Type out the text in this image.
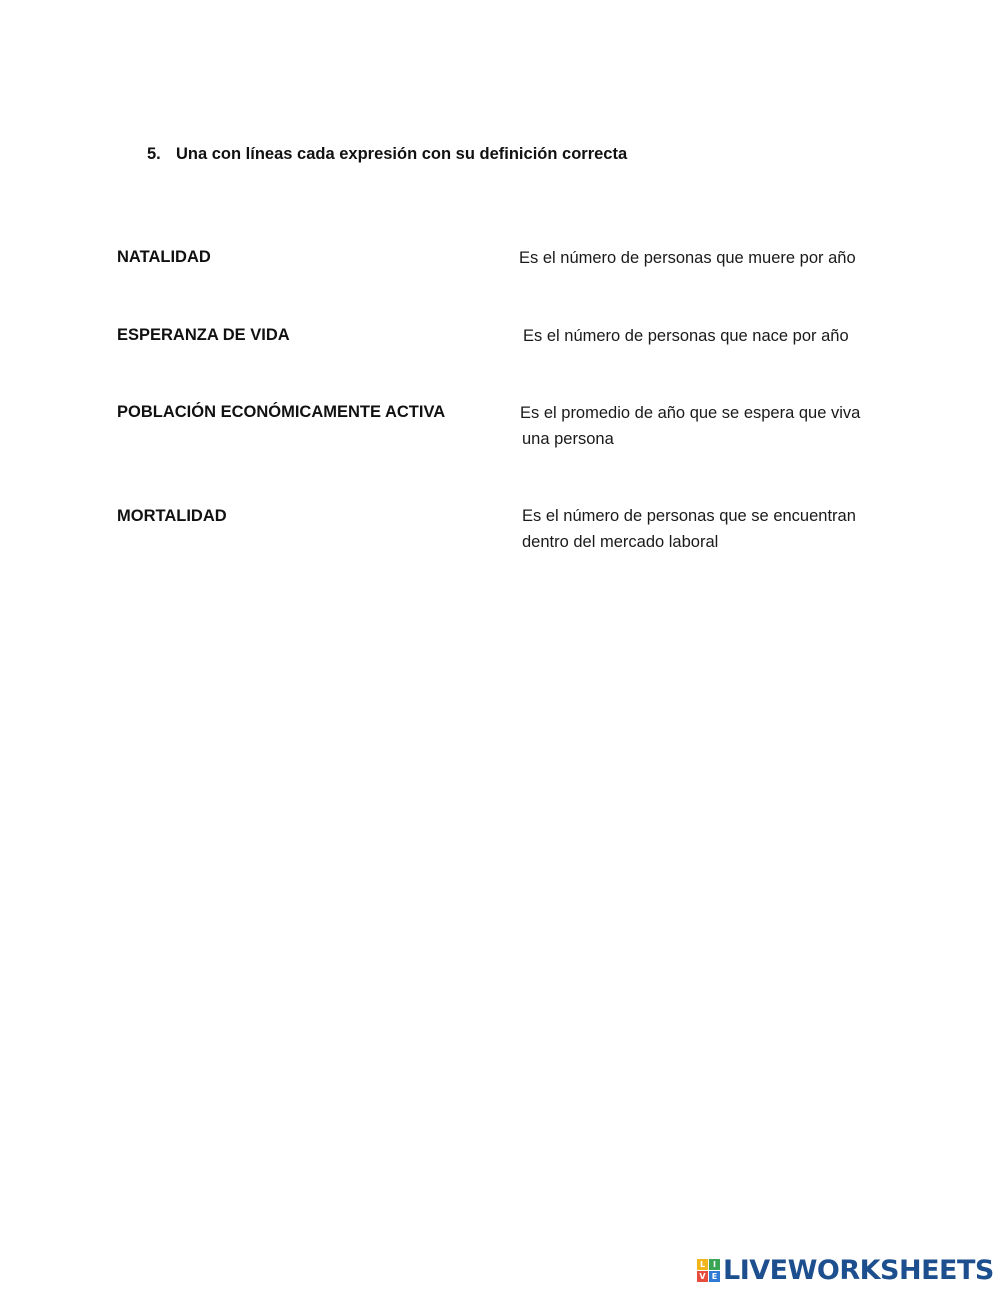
5. Una con líneas cada expresión con su definición correcta
NATALIDAD
ESPERANZA DE VIDA
POBLACIÓN ECONÓMICAMENTE ACTIVA
MORTALIDAD
Es el número de personas que muere por año
Es el número de personas que nace por año
Es el promedio de año que se espera que viva
una persona
Es el número de personas que se encuentran
dentro del mercado laboral
L I
V E LIVEWORKSHEETS
